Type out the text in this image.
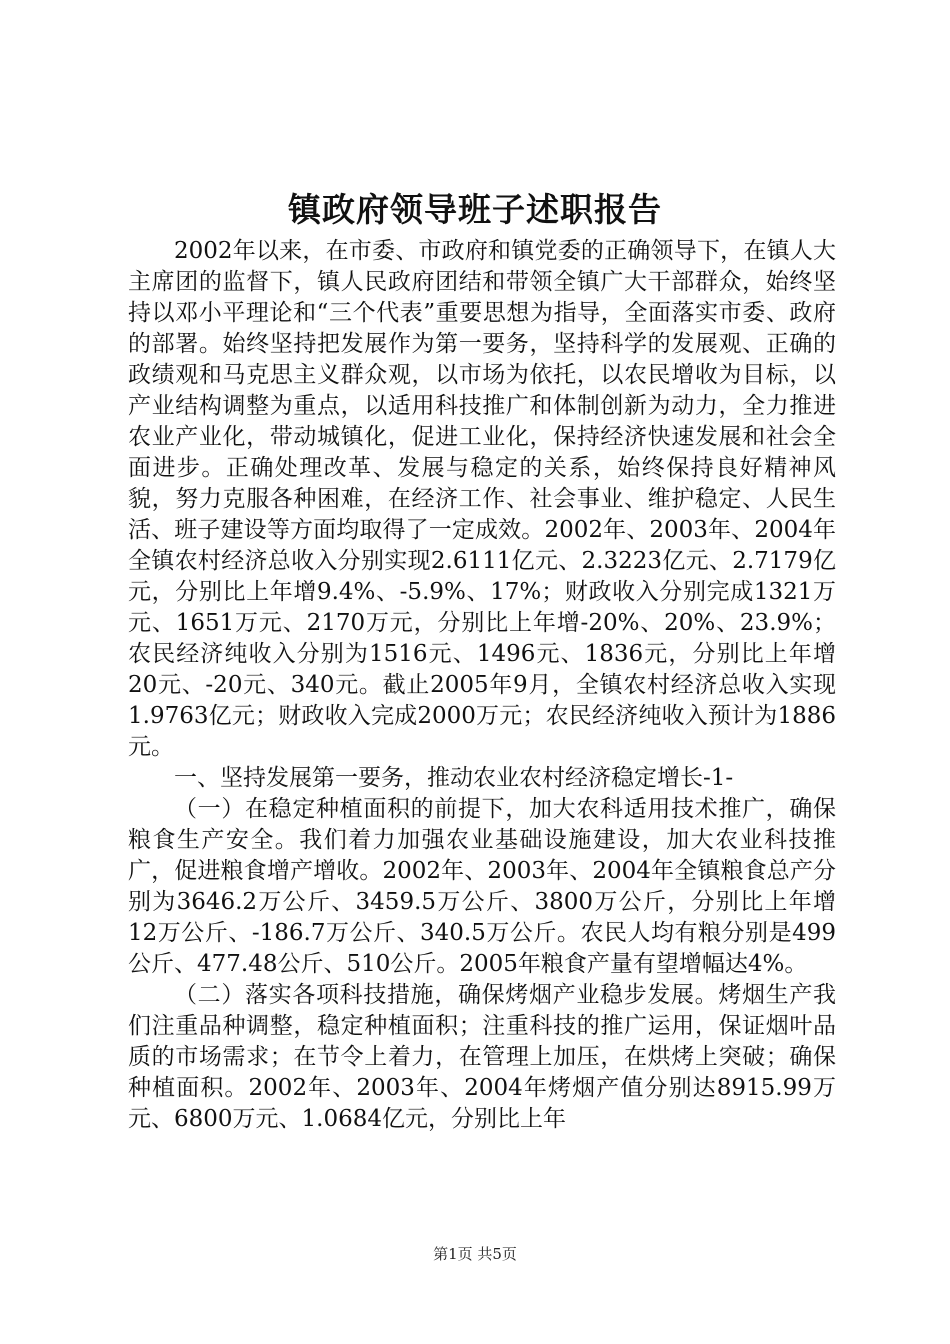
镇政府领导班子述职报告

2002年以来，在市委、市政府和镇党委的正确领导下，在镇人大主席团的监督下，镇人民政府团结和带领全镇广大干部群众，始终坚持以邓小平理论和“三个代表”重要思想为指导，全面落实市委、政府的部署。始终坚持把发展作为第一要务，坚持科学的发展观、正确的政绩观和马克思主义群众观，以市场为依托，以农民增收为目标，以产业结构调整为重点，以适用科技推广和体制创新为动力，全力推进农业产业化，带动城镇化，促进工业化，保持经济快速发展和社会全面进步。正确处理改革、发展与稳定的关系，始终保持良好精神风貌，努力克服各种困难，在经济工作、社会事业、维护稳定、人民生活、班子建设等方面均取得了一定成效。2002年、2003年、2004年全镇农村经济总收入分别实现2.6111亿元、2.3223亿元、2.7179亿元，分别比上年增9.4%、-5.9%、17%；财政收入分别完成1321万元、1651万元、2170万元，分别比上年增-20%、20%、23.9%；农民经济纯收入分别为1516元、1496元、1836元，分别比上年增20元、-20元、340元。截止2005年9月，全镇农村经济总收入实现1.9763亿元；财政收入完成2000万元；农民经济纯收入预计为1886元。

一、坚持发展第一要务，推动农业农村经济稳定增长-1-

（一）在稳定种植面积的前提下，加大农科适用技术推广，确保粮食生产安全。我们着力加强农业基础设施建设，加大农业科技推广，促进粮食增产增收。2002年、2003年、2004年全镇粮食总产分别为3646.2万公斤、3459.5万公斤、3800万公斤，分别比上年增12万公斤、-186.7万公斤、340.5万公斤。农民人均有粮分别是499公斤、477.48公斤、510公斤。2005年粮食产量有望增幅达4%。

（二）落实各项科技措施，确保烤烟产业稳步发展。烤烟生产我们注重品种调整，稳定种植面积；注重科技的推广运用，保证烟叶品质的市场需求；在节令上着力，在管理上加压，在烘烤上突破；确保种植面积。2002年、2003年、2004年烤烟产值分别达8915.99万元、6800万元、1.0684亿元，分别比上年

第1页 共5页
